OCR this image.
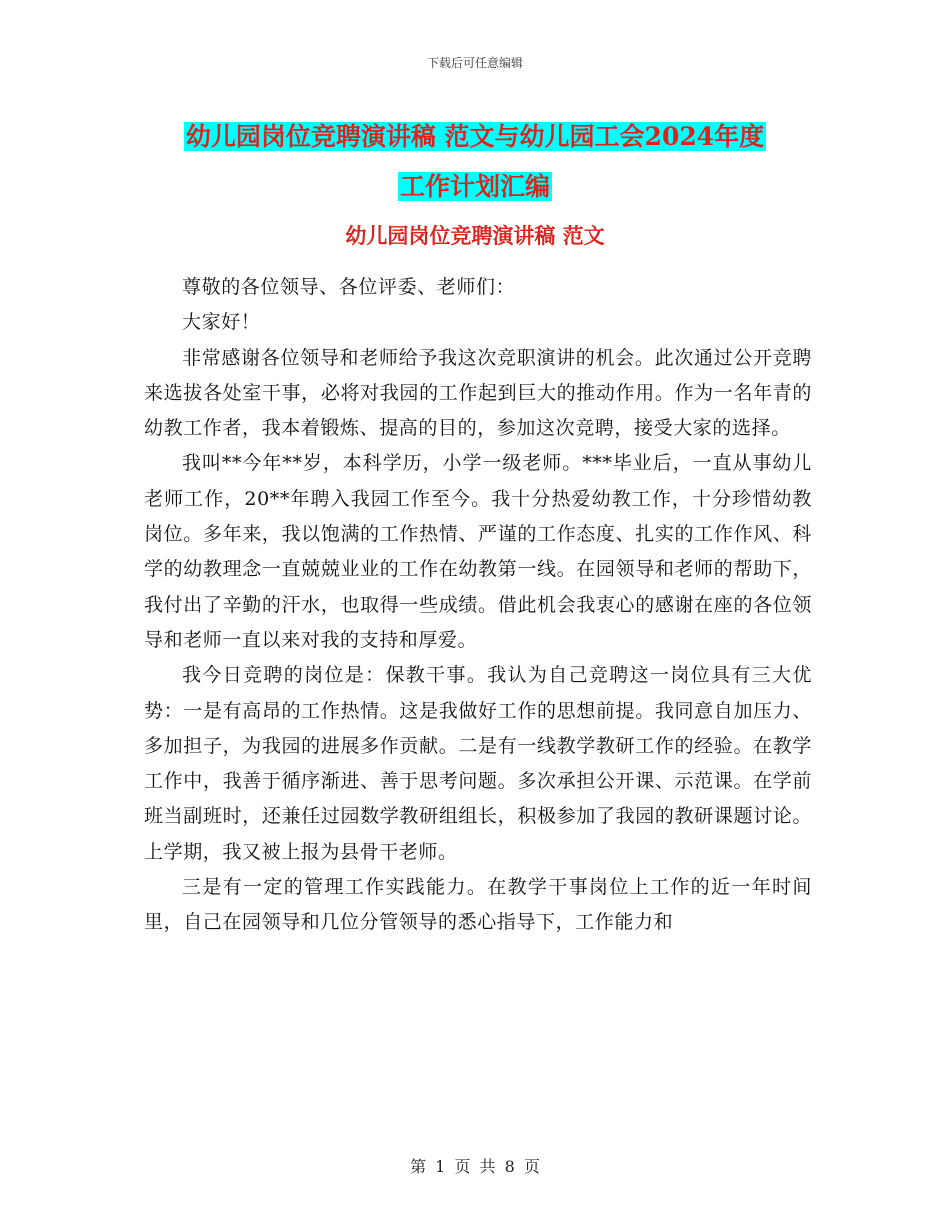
下载后可任意编辑
幼儿园岗位竞聘演讲稿 范文与幼儿园工会2024年度
工作计划汇编
幼儿园岗位竞聘演讲稿 范文

尊敬的各位领导、各位评委、老师们：

大家好！

非常感谢各位领导和老师给予我这次竞职演讲的机会。此次通过公开竞聘来选拔各处室干事，必将对我园的工作起到巨大的推动作用。作为一名年青的幼教工作者，我本着锻炼、提高的目的，参加这次竞聘，接受大家的选择。

我叫**今年**岁，本科学历，小学一级老师。***毕业后，一直从事幼儿老师工作，20**年聘入我园工作至今。我十分热爱幼教工作，十分珍惜幼教岗位。多年来，我以饱满的工作热情、严谨的工作态度、扎实的工作作风、科学的幼教理念一直兢兢业业的工作在幼教第一线。在园领导和老师的帮助下，我付出了辛勤的汗水，也取得一些成绩。借此机会我衷心的感谢在座的各位领导和老师一直以来对我的支持和厚爱。

我今日竞聘的岗位是：保教干事。我认为自己竞聘这一岗位具有三大优势：一是有高昂的工作热情。这是我做好工作的思想前提。我同意自加压力、多加担子，为我园的进展多作贡献。二是有一线教学教研工作的经验。在教学工作中，我善于循序渐进、善于思考问题。多次承担公开课、示范课。在学前班当副班时，还兼任过园数学教研组组长，积极参加了我园的教研课题讨论。上学期，我又被上报为县骨干老师。

三是有一定的管理工作实践能力。在教学干事岗位上工作的近一年时间里，自己在园领导和几位分管领导的悉心指导下，工作能力和

第 1 页 共 8 页
